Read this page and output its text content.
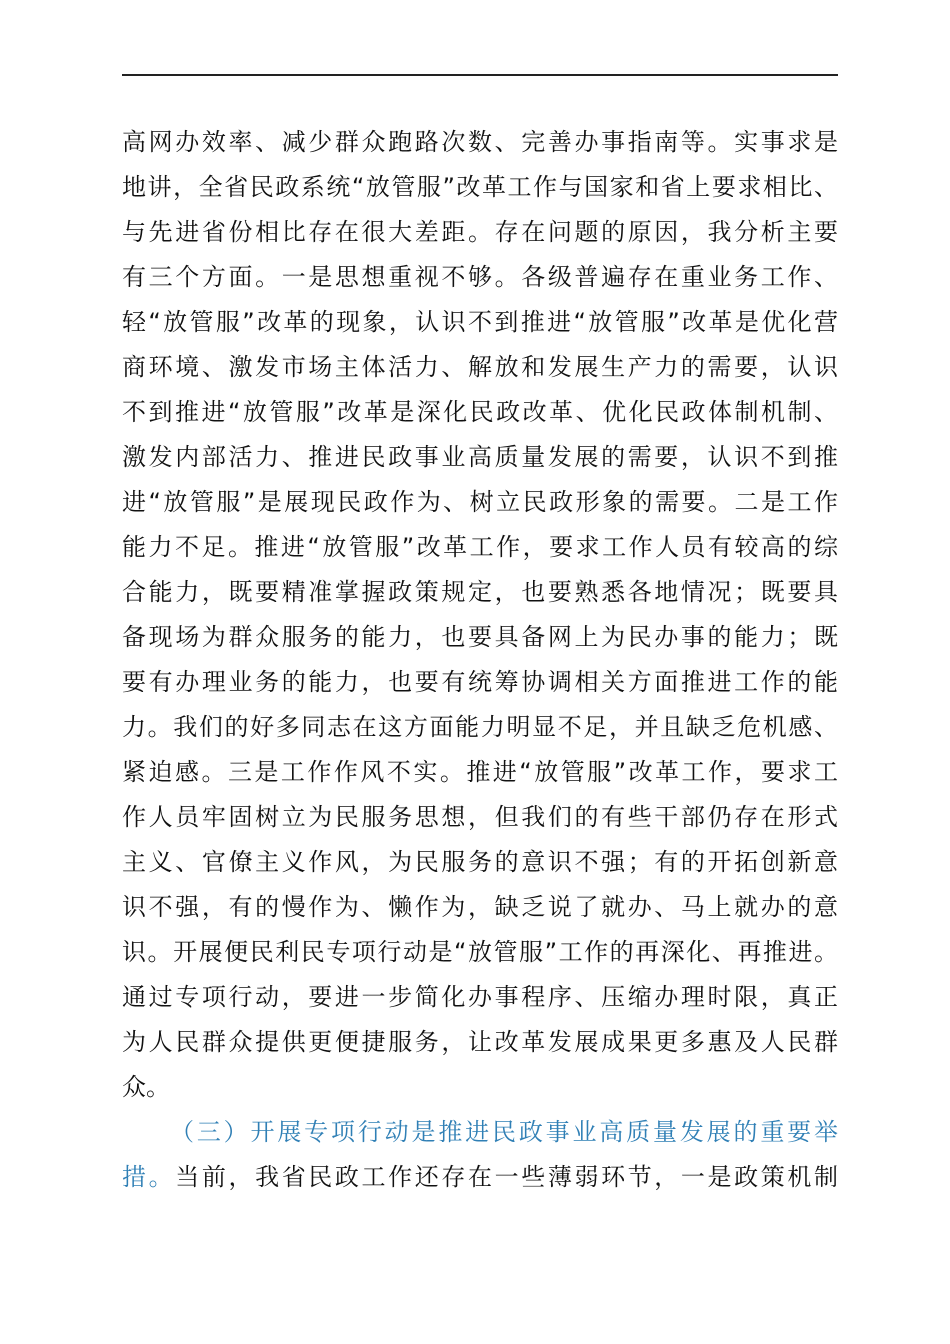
高网办效率、减少群众跑路次数、完善办事指南等。实事求是
地讲，全省民政系统“放管服”改革工作与国家和省上要求相比、
与先进省份相比存在很大差距。存在问题的原因，我分析主要
有三个方面。一是思想重视不够。各级普遍存在重业务工作、
轻“放管服”改革的现象，认识不到推进“放管服”改革是优化营
商环境、激发市场主体活力、解放和发展生产力的需要，认识
不到推进“放管服”改革是深化民政改革、优化民政体制机制、
激发内部活力、推进民政事业高质量发展的需要，认识不到推
进“放管服”是展现民政作为、树立民政形象的需要。二是工作
能力不足。推进“放管服”改革工作，要求工作人员有较高的综
合能力，既要精准掌握政策规定，也要熟悉各地情况；既要具
备现场为群众服务的能力，也要具备网上为民办事的能力；既
要有办理业务的能力，也要有统筹协调相关方面推进工作的能
力。我们的好多同志在这方面能力明显不足，并且缺乏危机感、
紧迫感。三是工作作风不实。推进“放管服”改革工作，要求工
作人员牢固树立为民服务思想，但我们的有些干部仍存在形式
主义、官僚主义作风，为民服务的意识不强；有的开拓创新意
识不强，有的慢作为、懒作为，缺乏说了就办、马上就办的意
识。开展便民利民专项行动是“放管服”工作的再深化、再推进。
通过专项行动，要进一步简化办事程序、压缩办理时限，真正
为人民群众提供更便捷服务，让改革发展成果更多惠及人民群
众。
（三）开展专项行动是推进民政事业高质量发展的重要举
措。当前，我省民政工作还存在一些薄弱环节，一是政策机制
